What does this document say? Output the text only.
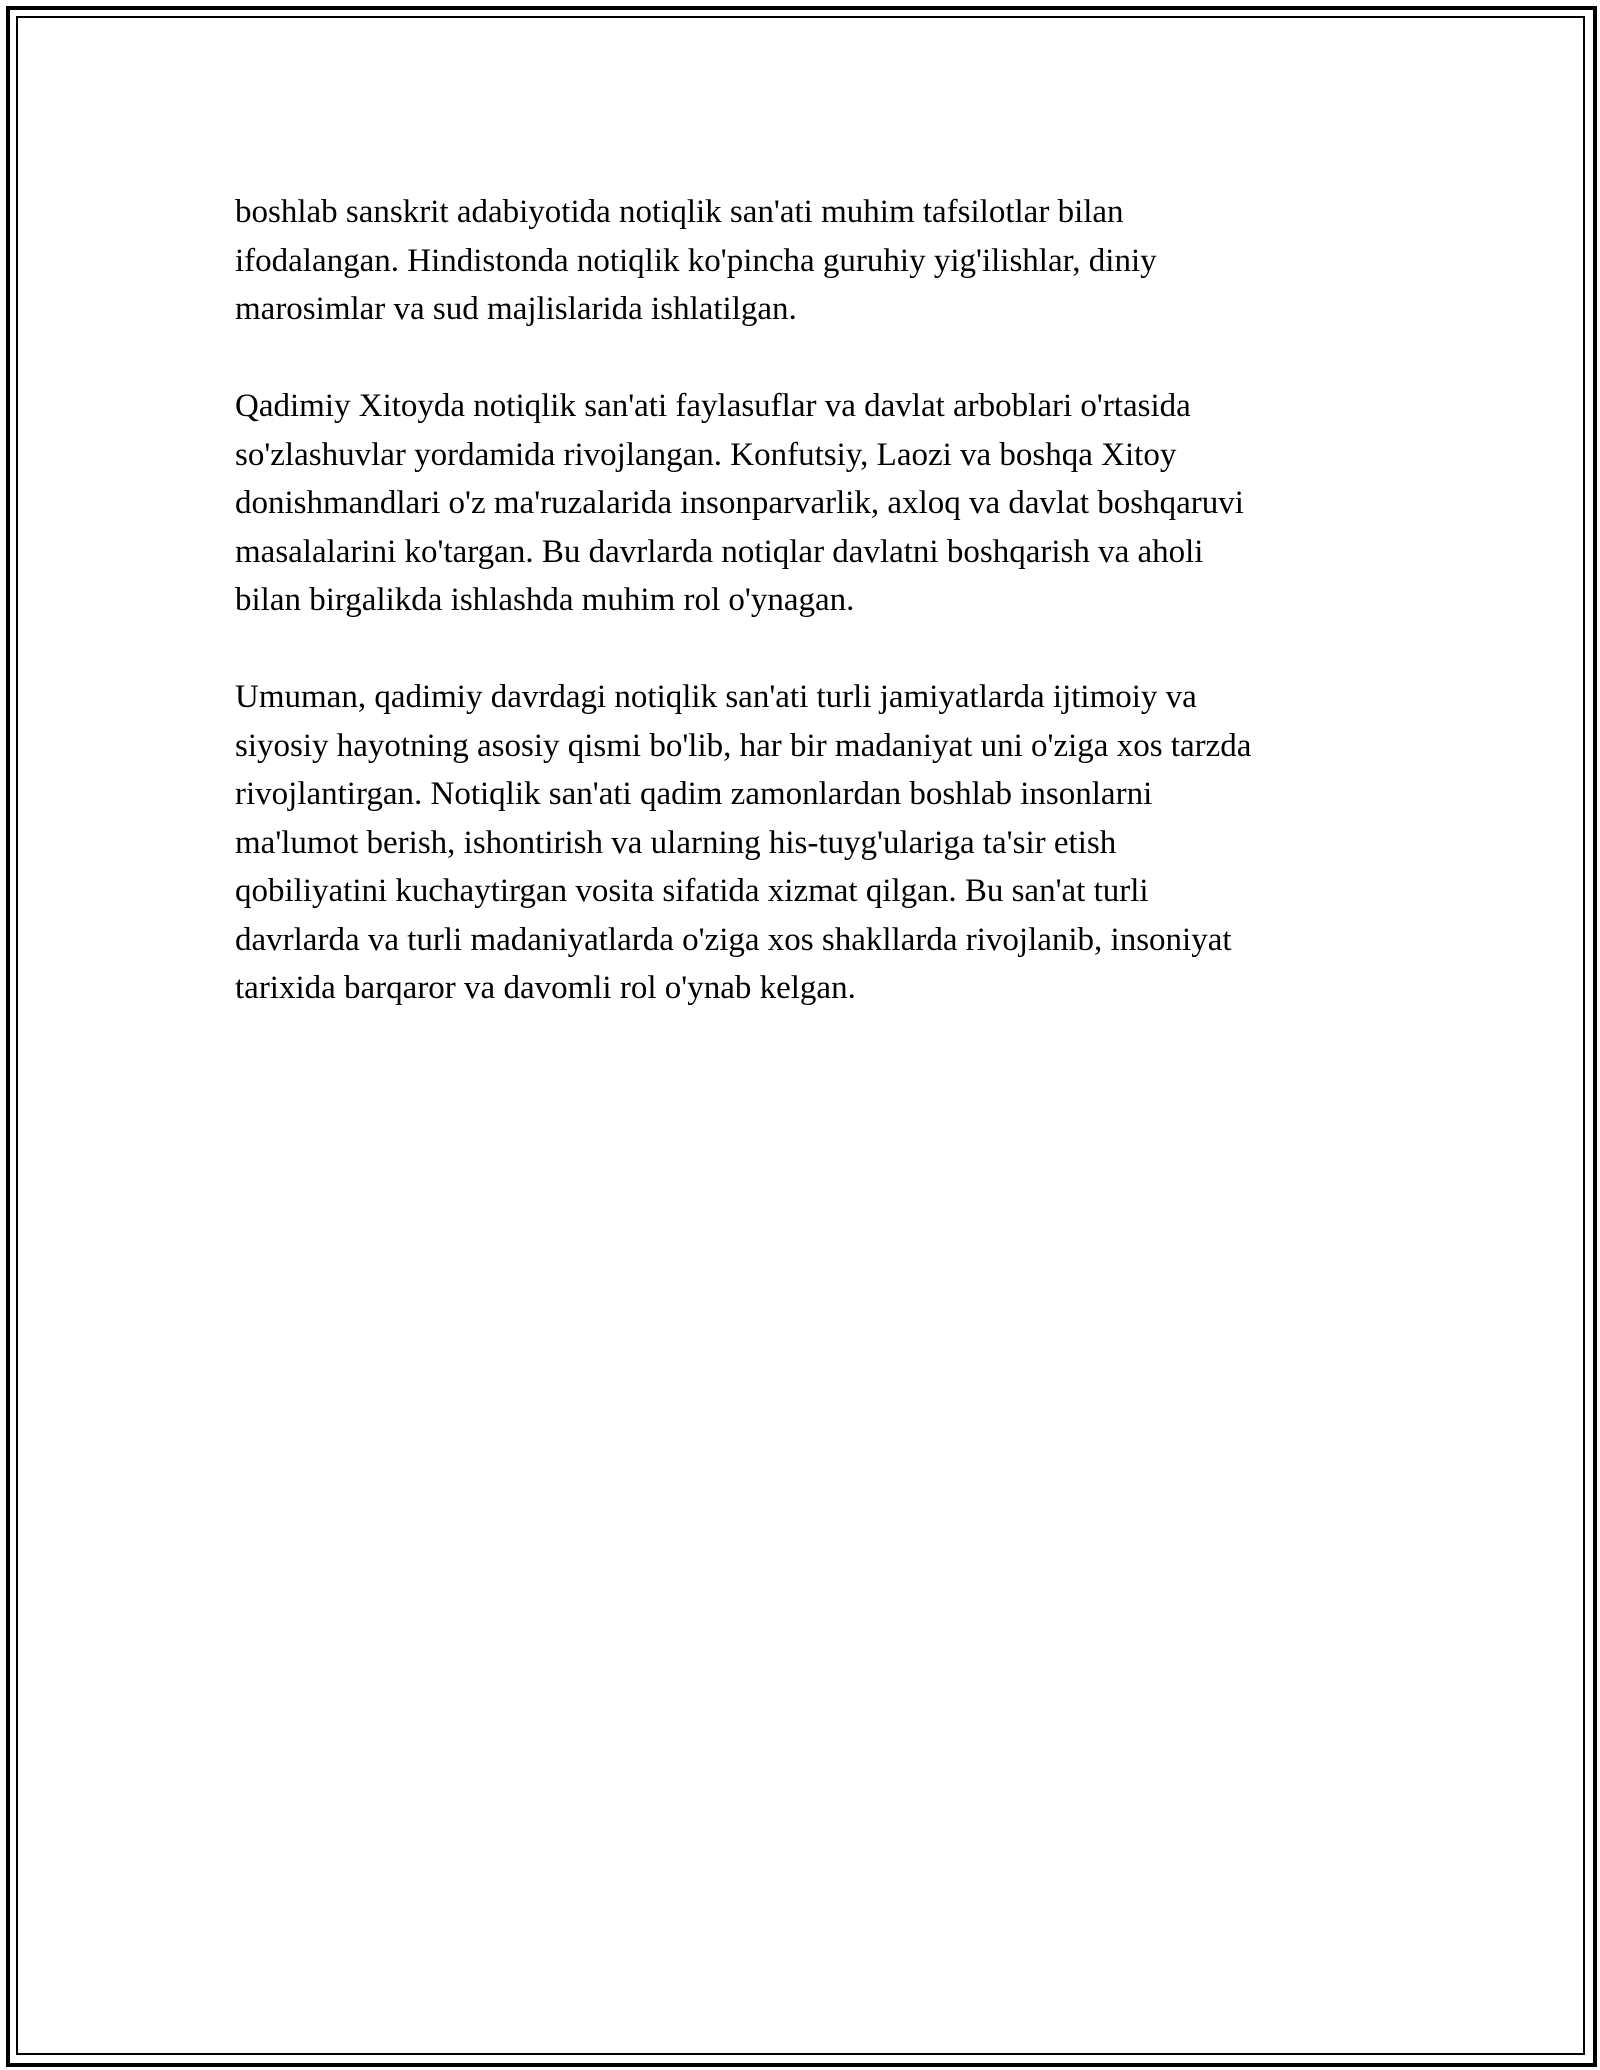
boshlab sanskrit adabiyotida notiqlik san'ati muhim tafsilotlar bilan
ifodalangan. Hindistonda notiqlik ko'pincha guruhiy yig'ilishlar, diniy
marosimlar va sud majlislarida ishlatilgan.

Qadimiy Xitoyda notiqlik san'ati faylasuflar va davlat arboblari o'rtasida
so'zlashuvlar yordamida rivojlangan. Konfutsiy, Laozi va boshqa Xitoy
donishmandlari o'z ma'ruzalarida insonparvarlik, axloq va davlat boshqaruvi
masalalarini ko'targan. Bu davrlarda notiqlar davlatni boshqarish va aholi
bilan birgalikda ishlashda muhim rol o'ynagan.

Umuman, qadimiy davrdagi notiqlik san'ati turli jamiyatlarda ijtimoiy va
siyosiy hayotning asosiy qismi bo'lib, har bir madaniyat uni o'ziga xos tarzda
rivojlantirgan. Notiqlik san'ati qadim zamonlardan boshlab insonlarni
ma'lumot berish, ishontirish va ularning his-tuyg'ulariga ta'sir etish
qobiliyatini kuchaytirgan vosita sifatida xizmat qilgan. Bu san'at turli
davrlarda va turli madaniyatlarda o'ziga xos shakllarda rivojlanib, insoniyat
tarixida barqaror va davomli rol o'ynab kelgan.
